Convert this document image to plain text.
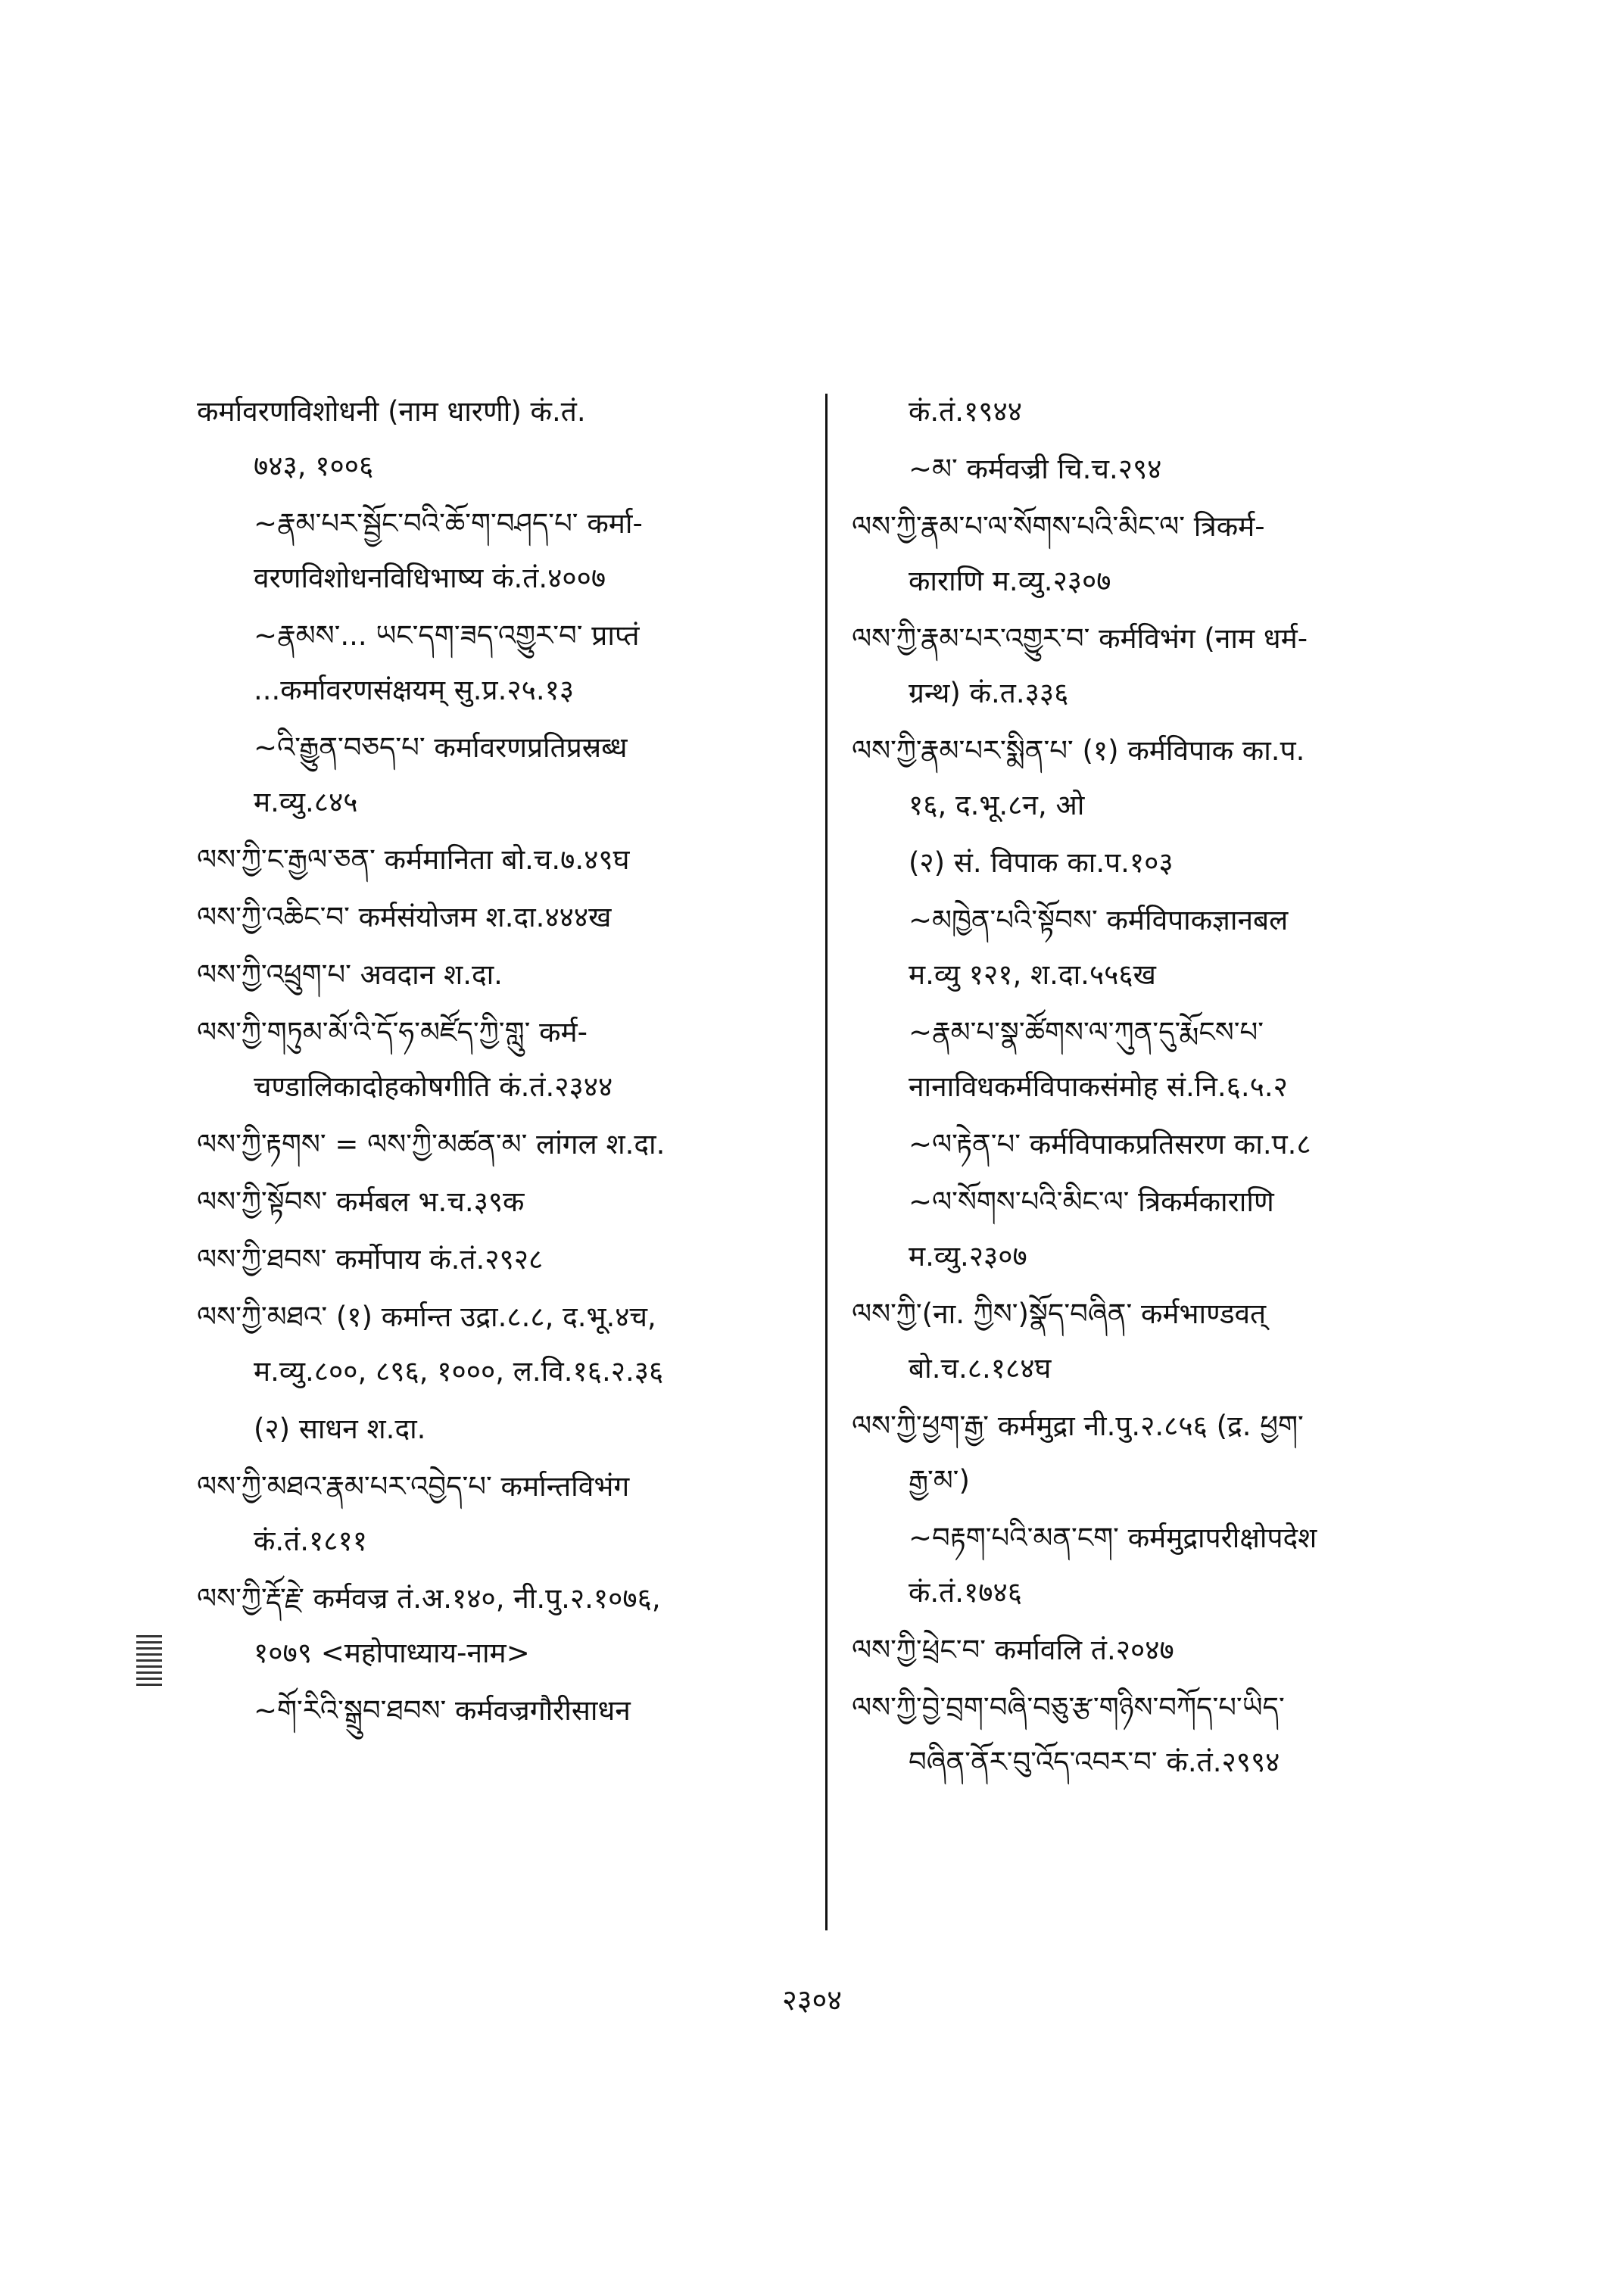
कर्मावरणविशोधनी (नाम धारणी) कं.तं.
७४३, १००६
~རྣམ་པར་སྦྱོང་བའི་ཆོ་ག་བཤད་པ་ कर्मा-
वरणविशोधनविधिभाष्य कं.तं.४००७
~རྣམས་... ཡང་དག་ཟད་འགྱུར་བ་ प्राप्तं
...कर्मावरणसंक्षयम् सु.प्र.२५.१३
~འི་རྒྱུན་བཅད་པ་ कर्मावरणप्रतिप्रस्रब्ध
म.व्यु.८४५
ལས་ཀྱི་ང་རྒྱལ་ཅན་ कर्ममानिता बो.च.७.४९घ
ལས་ཀྱི་འཆིང་བ་ कर्मसंयोजम श.दा.४४४ख
ལས་ཀྱི་འཕྲུག་པ་ अवदान श.दा.
ལས་ཀྱི་གཏུམ་མོ་འི་དོ་ཧ་མཛོད་ཀྱི་གླུ་ कर्म-
चण्डालिकादोहकोषगीति कं.तं.२३४४
ལས་ཀྱི་རྟགས་ = ལས་ཀྱི་མཚན་མ་ लांगल श.दा.
ལས་ཀྱི་སྟོབས་ कर्मबल भ.च.३९क
ལས་ཀྱི་ཐབས་ कर्मोपाय कं.तं.२९२८
ལས་ཀྱི་མཐའ་ (१) कर्मान्त उद्रा.८.८, द.भू.४च,
म.व्यु.८००, ८९६, १०००, ल.वि.१६.२.३६
(२) साधन श.दा.
ལས་ཀྱི་མཐའ་རྣམ་པར་འབྱེད་པ་ कर्मान्तविभंग
कं.तं.१८११
ལས་ཀྱི་རྡོ་རྗེ་ कर्मवज्र तं.अ.१४०, नी.पु.२.१०७६,
१०७९ <महोपाध्याय-नाम>
~གོ་རིའི་སྒྲུབ་ཐབས་ कर्मवज्रगौरीसाधन
कं.तं.१९४४
~མ་ कर्मवज्री चि.च.२९४
ལས་ཀྱི་རྣམ་པ་ལ་སོགས་པའི་མིང་ལ་ त्रिकर्म-
काराणि म.व्यु.२३०७
ལས་ཀྱི་རྣམ་པར་འགྱུར་བ་ कर्मविभंग (नाम धर्म-
ग्रन्थ) कं.त.३३६
ལས་ཀྱི་རྣམ་པར་སྨིན་པ་ (१) कर्मविपाक का.प.
१६, द.भू.८न, ओ
(२) सं. विपाक का.प.१०३
~མཁྱེན་པའི་སྟོབས་ कर्मविपाकज्ञानबल
म.व्यु १२१, श.दा.५५६ख
~རྣམ་པ་སྣ་ཚོགས་ལ་ཀུན་དུ་རྨོངས་པ་
नानाविधकर्मविपाकसंमोह सं.नि.६.५.२
~ལ་རྟེན་པ་ कर्मविपाकप्रतिसरण का.प.८
~ལ་སོགས་པའི་མིང་ལ་ त्रिकर्मकाराणि
म.व्यु.२३०७
ལས་ཀྱི་(ना. ཀྱིས་)སྣོད་བཞིན་ कर्मभाण्डवत्
बो.च.८.१८४घ
ལས་ཀྱི་ཕྱག་རྒྱ་ कर्ममुद्रा नी.पु.२.८५६ (द्र. ཕྱག་
རྒྱ་མ་)
~བརྟག་པའི་མན་ངག་ कर्ममुद्रापरीक्षोपदेश
कं.तं.१७४६
ལས་ཀྱི་ཕྲེང་བ་ कर्मावलि तं.२०४७
ལས་ཀྱི་བྱེ་བྲག་བཞི་བཅུ་རྩ་གཉིས་བཀོད་པ་ཡིད་
བཞིན་ནོར་བུ་འོད་འབར་བ་ कं.तं.२९९४
२३०४
